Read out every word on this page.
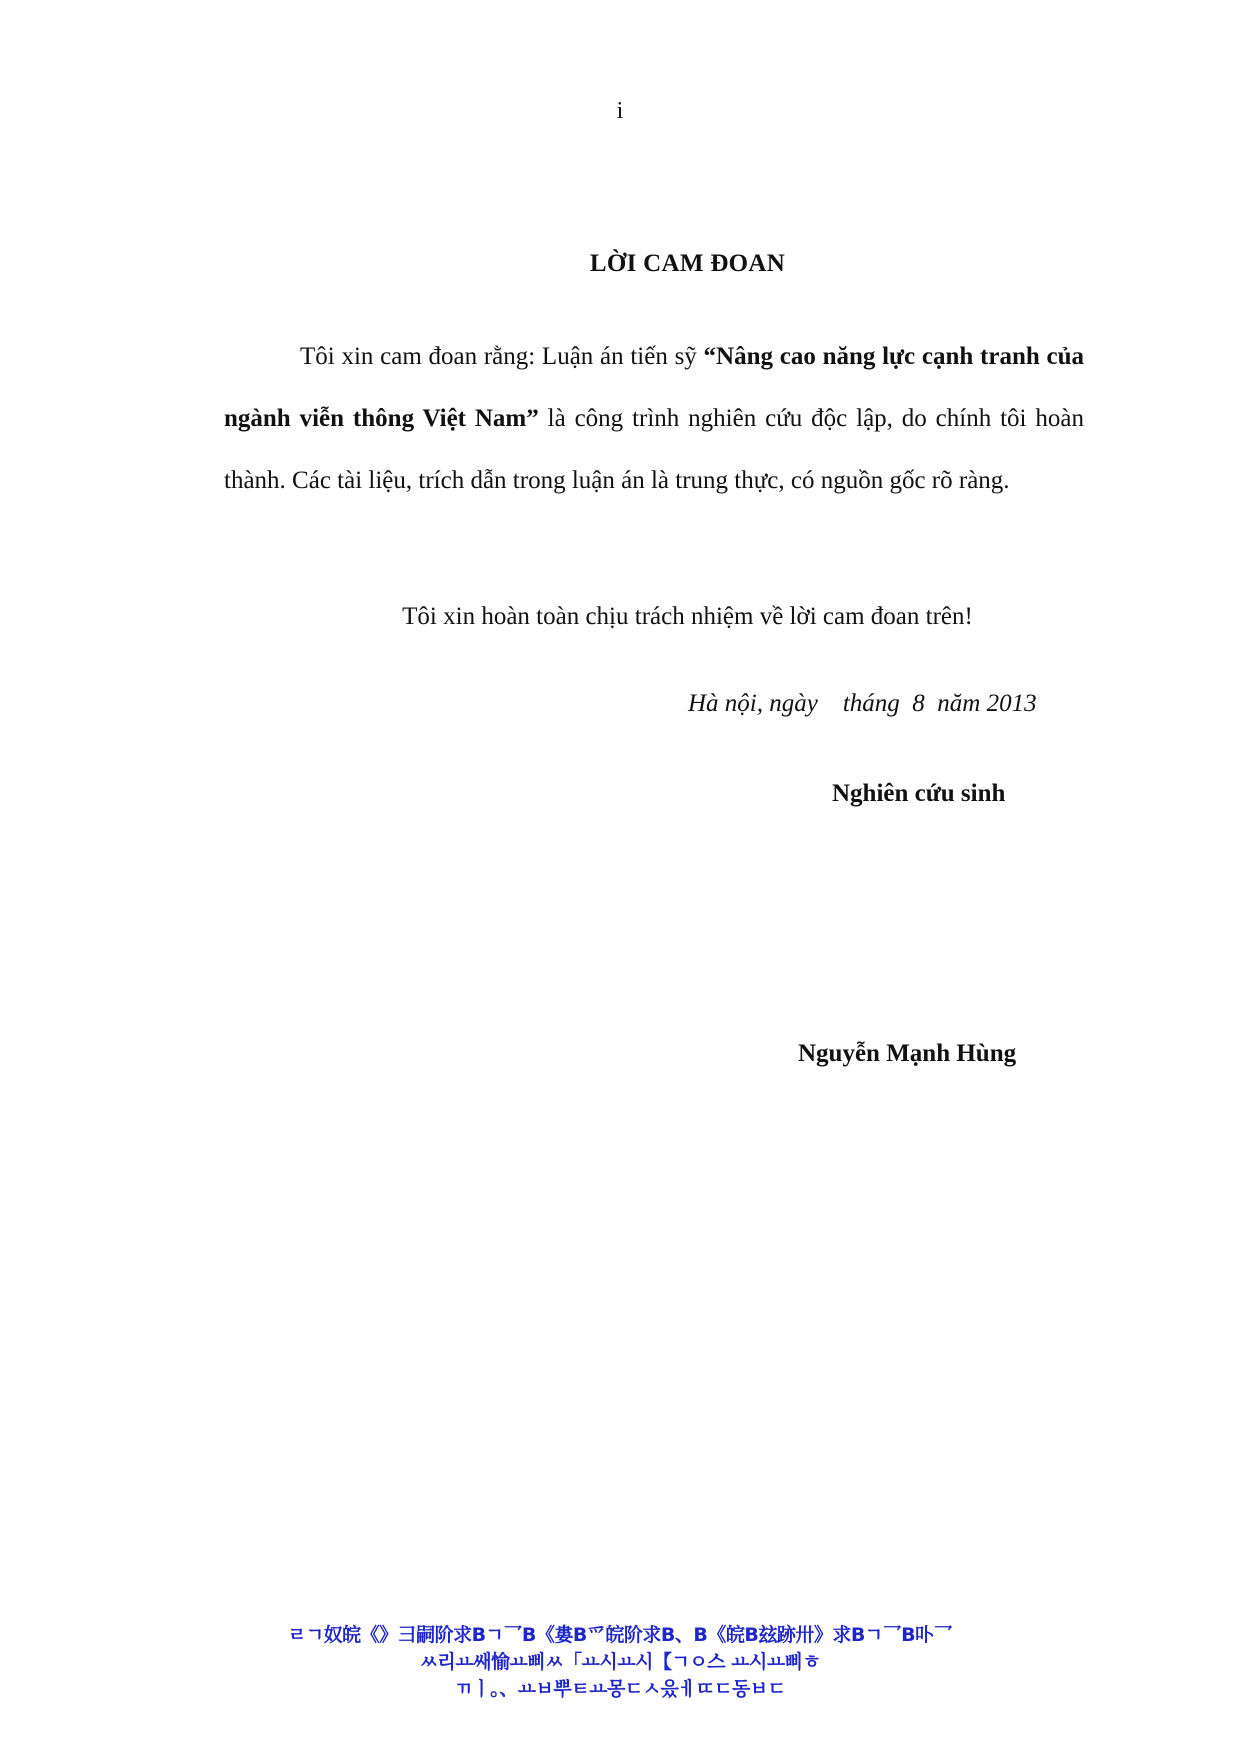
i
LỜI CAM ĐOAN
Tôi xin cam đoan rằng: Luận án tiến sỹ “Nâng cao năng lực cạnh tranh của ngành viễn thông Việt Nam” là công trình nghiên cứu độc lập, do chính tôi hoàn thành. Các tài liệu, trích dẫn trong luận án là trung thực, có nguồn gốc rõ ràng.
Tôi xin hoàn toàn chịu trách nhiệm về lời cam đoan trên!
Hà nội, ngày    tháng  8  năm 2013
Nghiên cứu sinh
Nguyễn Mạnh Hùng
ㄹㄱ奴皖《》彐嗣阶求Bㄱ乛B《婁B爫皖阶求B、B《皖B玆跡卅》求Bㄱ乛B卟乛
ㅆ리ㅛ쌔愉ㅛ삐ㅆ「ㅛ시ㅛ시【ㄱㅇ스 ㅛ시ㅛ삐ㅎ
ㄲㅣ。、ㅛㅂ뿌ㅌㅛ몽ㄷㅅ읐ㅔㄸㄷ동ㅂㄷ
